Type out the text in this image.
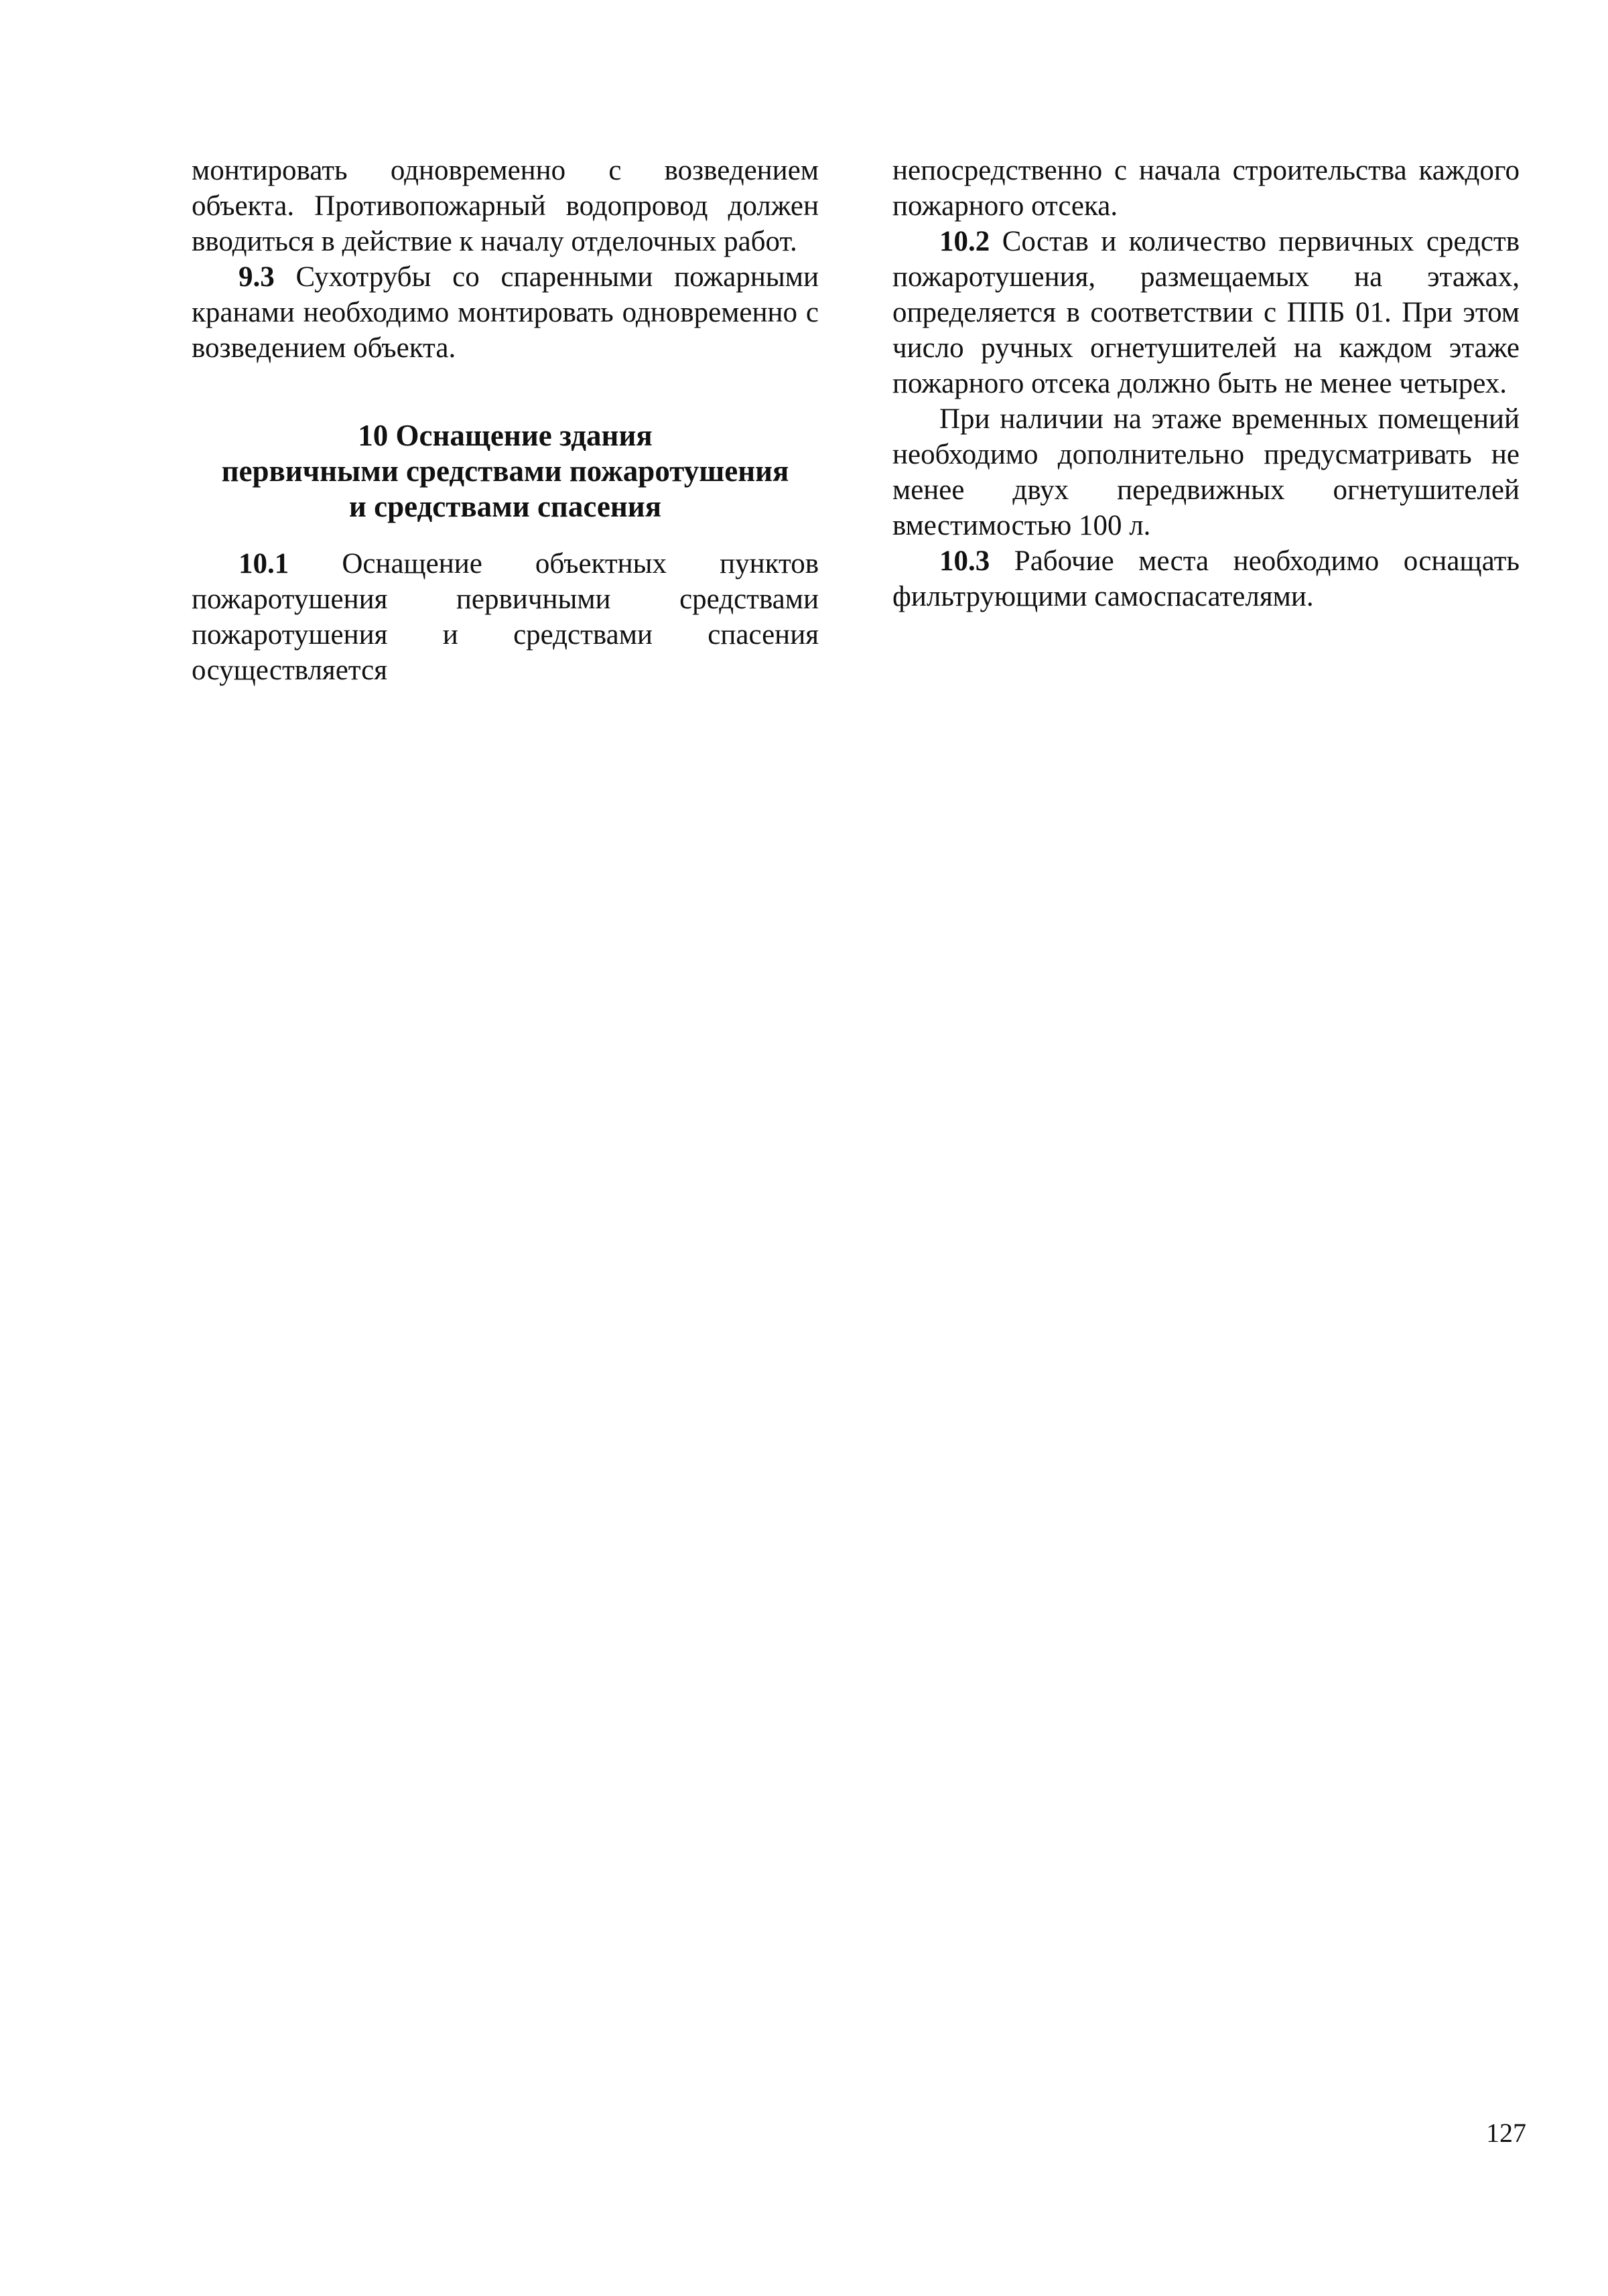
монтировать одновременно с возведением объекта. Противопожарный водопровод должен вводиться в действие к началу отделочных работ.

9.3 Сухотрубы со спаренными пожарными кранами необходимо монтировать одновременно с возведением объекта.

10 Оснащение здания
первичными средствами пожаротушения
и средствами спасения

10.1 Оснащение объектных пунктов пожаротушения первичными средствами пожаротушения и средствами спасения осуществляется

непосредственно с начала строительства каждого пожарного отсека.

10.2 Состав и количество первичных средств пожаротушения, размещаемых на этажах, определяется в соответствии с ППБ 01. При этом число ручных огнетушителей на каждом этаже пожарного отсека должно быть не менее четырех.

При наличии на этаже временных помещений необходимо дополнительно предусматривать не менее двух передвижных огнетушителей вместимостью 100 л.

10.3 Рабочие места необходимо оснащать фильтрующими самоспасателями.

127
